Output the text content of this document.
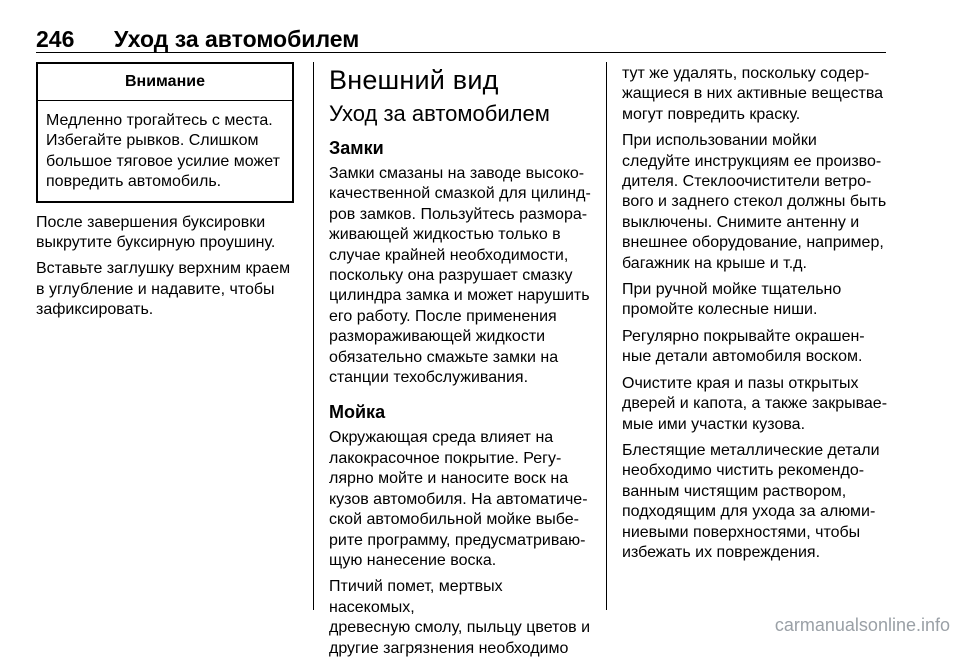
246 Уход за автомобилем
Внимание
Медленно трогайтесь с места.
Избегайте рывков. Слишком
большое тяговое усилие может
повредить автомобиль.

После завершения буксировки
выкрутите буксирную проушину.

Вставьте заглушку верхним краем
в углубление и надавите, чтобы
зафиксировать.

Внешний вид
Уход за автомобилем
Замки

Замки смазаны на заводе высоко-
качественной смазкой для цилинд-
ров замков. Пользуйтесь размора-
живающей жидкостью только в
случае крайней необходимости,
поскольку она разрушает смазку
цилиндра замка и может нарушить
его работу. После применения
размораживающей жидкости
обязательно смажьте замки на
станции техобслуживания.

Мойка

Окружающая среда влияет на
лакокрасочное покрытие. Регу-
лярно мойте и наносите воск на
кузов автомобиля. На автоматиче-
ской автомобильной мойке выбе-
рите программу, предусматриваю-
щую нанесение воска.

Птичий помет, мертвых насекомых,
древесную смолу, пыльцу цветов и
другие загрязнения необходимо

тут же удалять, поскольку содер-
жащиеся в них активные вещества
могут повредить краску.

При использовании мойки
следуйте инструкциям ее произво-
дителя. Стеклоочистители ветро-
вого и заднего стекол должны быть
выключены. Снимите антенну и
внешнее оборудование, например,
багажник на крыше и т.д.

При ручной мойке тщательно
промойте колесные ниши.

Регулярно покрывайте окрашен-
ные детали автомобиля воском.

Очистите края и пазы открытых
дверей и капота, а также закрывае-
мые ими участки кузова.

Блестящие металлические детали
необходимо чистить рекомендо-
ванным чистящим раствором,
подходящим для ухода за алюми-
ниевыми поверхностями, чтобы
избежать их повреждения.

carmanualsonline.info
